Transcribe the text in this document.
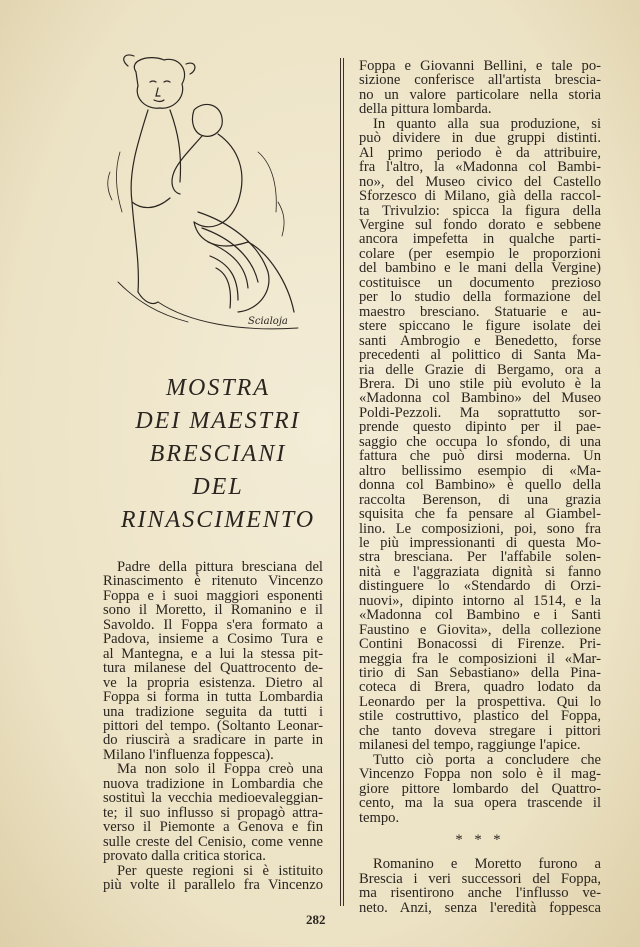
Scialoja
MOSTRA
DEI MAESTRI
BRESCIANI
DEL
RINASCIMENTO
Padre della pittura bresciana del
Rinascimento è ritenuto Vincenzo
Foppa e i suoi maggiori esponenti
sono il Moretto, il Romanino e il
Savoldo. Il Foppa s'era formato a
Padova, insieme a Cosimo Tura e
al Mantegna, e a lui la stessa pit-
tura milanese del Quattrocento de-
ve la propria esistenza. Dietro al
Foppa si forma in tutta Lombardia
una tradizione seguita da tutti i
pittori del tempo. (Soltanto Leonar-
do riuscirà a sradicare in parte in
Milano l'influenza foppesca).
Ma non solo il Foppa creò una
nuova tradizione in Lombardia che
sostituì la vecchia medioevaleggian-
te; il suo influsso si propagò attra-
verso il Piemonte a Genova e fin
sulle creste del Cenisio, come venne
provato dalla critica storica.
Per queste regioni si è istituito
più volte il parallelo fra Vincenzo
Foppa e Giovanni Bellini, e tale po-
sizione conferisce all'artista brescia-
no un valore particolare nella storia
della pittura lombarda.
In quanto alla sua produzione, si
può dividere in due gruppi distinti.
Al primo periodo è da attribuire,
fra l'altro, la «Madonna col Bambi-
no», del Museo civico del Castello
Sforzesco di Milano, già della raccol-
ta Trivulzio: spicca la figura della
Vergine sul fondo dorato e sebbene
ancora impefetta in qualche parti-
colare (per esempio le proporzioni
del bambino e le mani della Vergine)
costituisce un documento prezioso
per lo studio della formazione del
maestro bresciano. Statuarie e au-
stere spiccano le figure isolate dei
santi Ambrogio e Benedetto, forse
precedenti al polittico di Santa Ma-
ria delle Grazie di Bergamo, ora a
Brera. Di uno stile più evoluto è la
«Madonna col Bambino» del Museo
Poldi-Pezzoli. Ma soprattutto sor-
prende questo dipinto per il pae-
saggio che occupa lo sfondo, di una
fattura che può dirsi moderna. Un
altro bellissimo esempio di «Ma-
donna col Bambino» è quello della
raccolta Berenson, di una grazia
squisita che fa pensare al Giambel-
lino. Le composizioni, poi, sono fra
le più impressionanti di questa Mo-
stra bresciana. Per l'affabile solen-
nità e l'aggraziata dignità si fanno
distinguere lo «Stendardo di Orzi-
nuovi», dipinto intorno al 1514, e la
«Madonna col Bambino e i Santi
Faustino e Giovita», della collezione
Contini Bonacossi di Firenze. Pri-
meggia fra le composizioni il «Mar-
tirio di San Sebastiano» della Pina-
coteca di Brera, quadro lodato da
Leonardo per la prospettiva. Qui lo
stile costruttivo, plastico del Foppa,
che tanto doveva stregare i pittori
milanesi del tempo, raggiunge l'apice.
Tutto ciò porta a concludere che
Vincenzo Foppa non solo è il mag-
giore pittore lombardo del Quattro-
cento, ma la sua opera trascende il
tempo.
* * *
Romanino e Moretto furono a
Brescia i veri successori del Foppa,
ma risentirono anche l'influsso ve-
neto. Anzi, senza l'eredità foppesca
282
